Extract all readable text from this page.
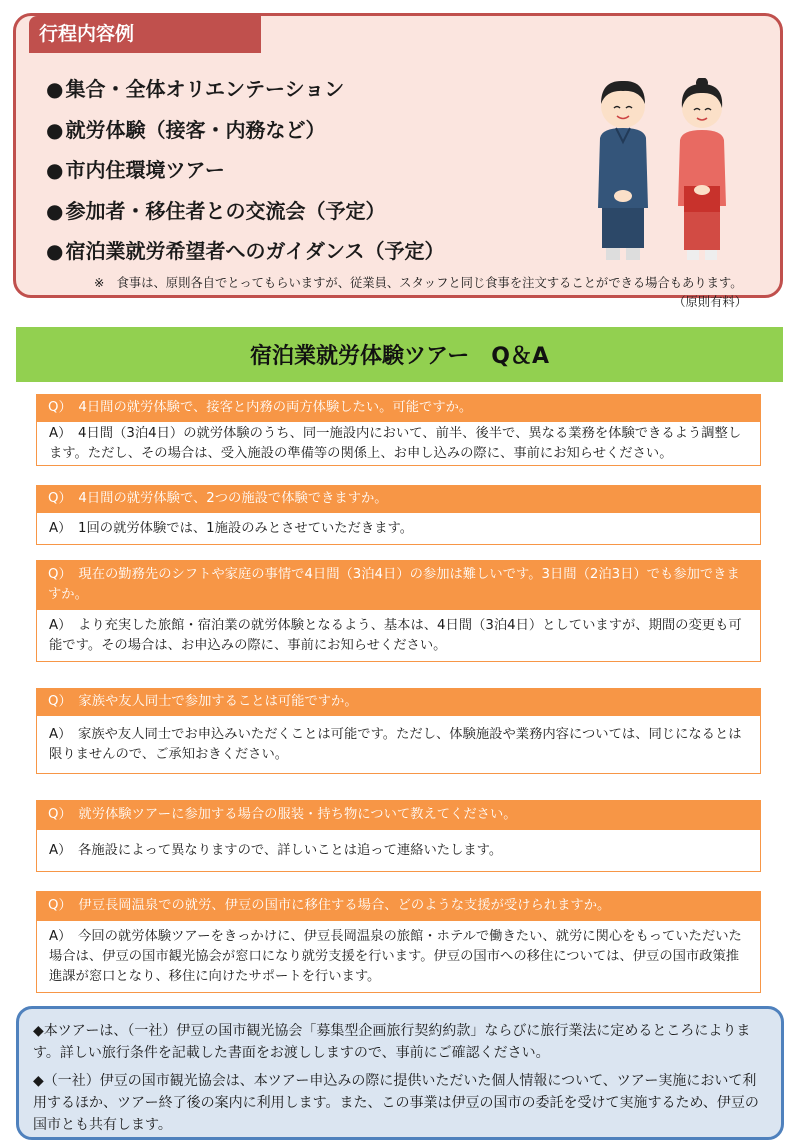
行程内容例
● 集合・全体オリエンテーション
● 就労体験（接客・内務など）
● 市内住環境ツアー
● 参加者・移住者との交流会（予定）
● 宿泊業就労希望者へのガイダンス（予定）
※　食事は、原則各自でとってもらいますが、従業員、スタッフと同じ食事を注文することができる場合もあります。
（原則有料）
宿泊業就労体験ツアー　Q＆A
Q）　4日間の就労体験で、接客と内務の両方体験したい。可能ですか。
A）　4日間（3泊4日）の就労体験のうち、同一施設内において、前半、後半で、異なる業務を体験できるよう調整します。ただし、その場合は、受入施設の準備等の関係上、お申し込みの際に、事前にお知らせください。
Q）　4日間の就労体験で、2つの施設で体験できますか。
A）　1回の就労体験では、1施設のみとさせていただきます。
Q）　現在の勤務先のシフトや家庭の事情で4日間（3泊4日）の参加は難しいです。3日間（2泊3日）でも参加できますか。
A）　より充実した旅館・宿泊業の就労体験となるよう、基本は、4日間（3泊4日）としていますが、期間の変更も可能です。その場合は、お申込みの際に、事前にお知らせください。
Q）　家族や友人同士で参加することは可能ですか。
A）　家族や友人同士でお申込みいただくことは可能です。ただし、体験施設や業務内容については、同じになるとは限りませんので、ご承知おきください。
Q）　就労体験ツアーに参加する場合の服装・持ち物について教えてください。
A）　各施設によって異なりますので、詳しいことは追って連絡いたします。
Q）　伊豆長岡温泉での就労、伊豆の国市に移住する場合、どのような支援が受けられますか。
A）　今回の就労体験ツアーをきっかけに、伊豆長岡温泉の旅館・ホテルで働きたい、就労に関心をもっていただいた場合は、伊豆の国市観光協会が窓口になり就労支援を行います。伊豆の国市への移住については、伊豆の国市政策推進課が窓口となり、移住に向けたサポートを行います。

◆本ツアーは、（一社）伊豆の国市観光協会「募集型企画旅行契約約款」ならびに旅行業法に定めるところによります。詳しい旅行条件を記載した書面をお渡ししますので、事前にご確認ください。

◆（一社）伊豆の国市観光協会は、本ツアー申込みの際に提供いただいた個人情報について、ツアー実施において利用するほか、ツアー終了後の案内に利用します。また、この事業は伊豆の国市の委託を受けて実施するため、伊豆の国市とも共有します。
